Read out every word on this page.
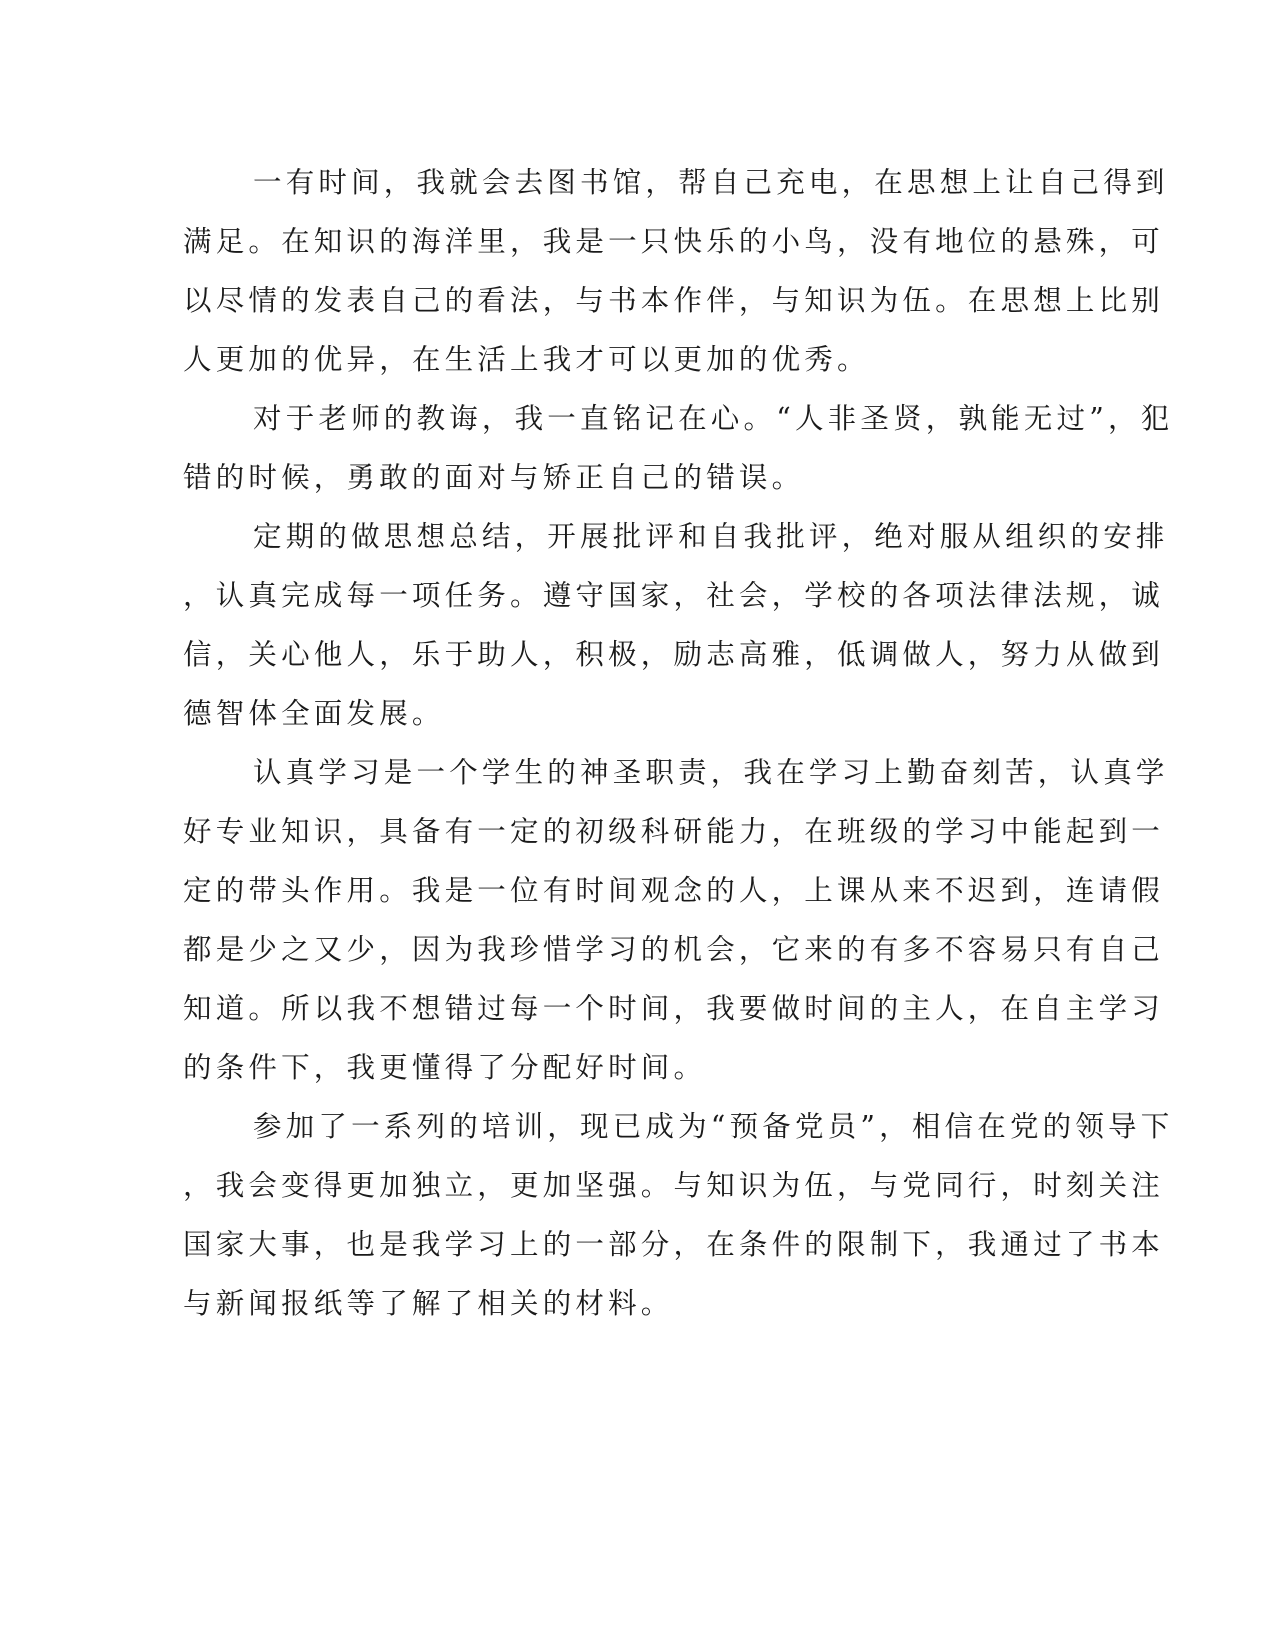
一有时间，我就会去图书馆，帮自己充电，在思想上让自己得到
满足。在知识的海洋里，我是一只快乐的小鸟，没有地位的悬殊，可
以尽情的发表自己的看法，与书本作伴，与知识为伍。在思想上比别
人更加的优异，在生活上我才可以更加的优秀。
对于老师的教诲，我一直铭记在心。“人非圣贤，孰能无过”，犯
错的时候，勇敢的面对与矫正自己的错误。
定期的做思想总结，开展批评和自我批评，绝对服从组织的安排
，认真完成每一项任务。遵守国家，社会，学校的各项法律法规，诚
信，关心他人，乐于助人，积极，励志高雅，低调做人，努力从做到
德智体全面发展。
认真学习是一个学生的神圣职责，我在学习上勤奋刻苦，认真学
好专业知识，具备有一定的初级科研能力，在班级的学习中能起到一
定的带头作用。我是一位有时间观念的人，上课从来不迟到，连请假
都是少之又少，因为我珍惜学习的机会，它来的有多不容易只有自己
知道。所以我不想错过每一个时间，我要做时间的主人，在自主学习
的条件下，我更懂得了分配好时间。
参加了一系列的培训，现已成为“预备党员”，相信在党的领导下
，我会变得更加独立，更加坚强。与知识为伍，与党同行，时刻关注
国家大事，也是我学习上的一部分，在条件的限制下，我通过了书本
与新闻报纸等了解了相关的材料。
